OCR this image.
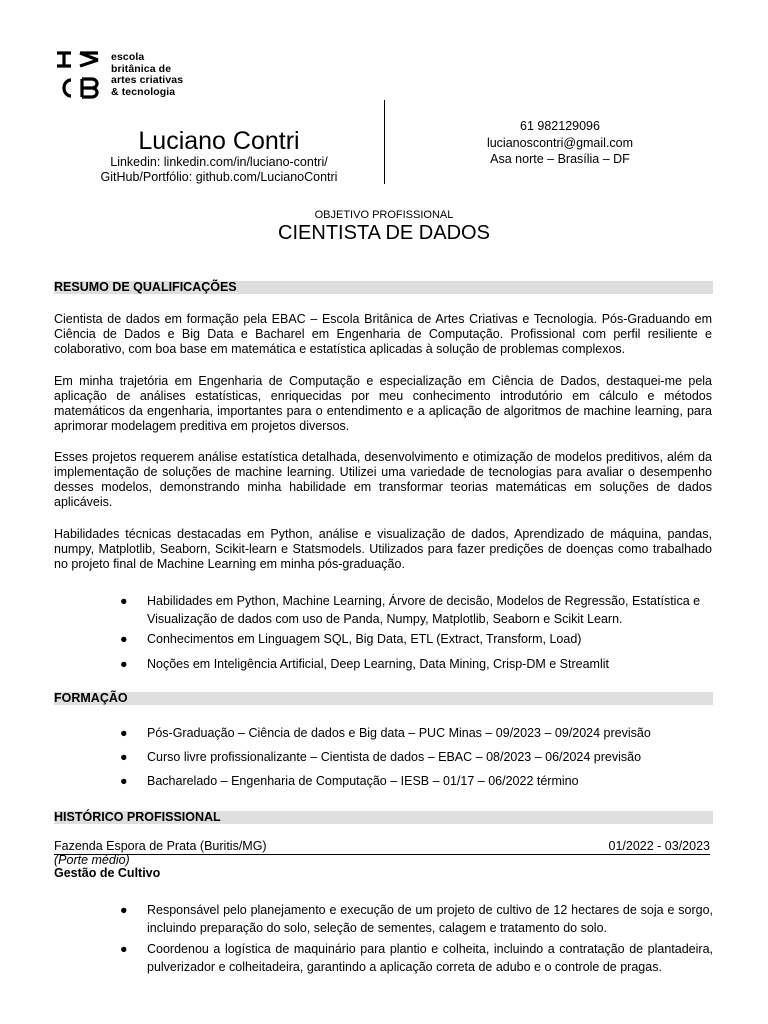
escola
britânica de
artes criativas
& tecnologia
Luciano Contri
Linkedin: linkedin.com/in/luciano-contri/
GitHub/Portfólio: github.com/LucianoContri
61 982129096
lucianoscontri@gmail.com
Asa norte – Brasília – DF
OBJETIVO PROFISSIONAL
CIENTISTA DE DADOS
RESUMO DE QUALIFICAÇÕES
Cientista de dados em formação pela EBAC – Escola Britânica de Artes Criativas e Tecnologia. Pós-Graduando em Ciência de Dados e Big Data e Bacharel em Engenharia de Computação. Profissional com perfil resiliente e colaborativo, com boa base em matemática e estatística aplicadas à solução de problemas complexos.
Em minha trajetória em Engenharia de Computação e especialização em Ciência de Dados, destaquei-me pela aplicação de análises estatísticas, enriquecidas por meu conhecimento introdutório em cálculo e métodos matemáticos da engenharia, importantes para o entendimento e a aplicação de algoritmos de machine learning, para aprimorar modelagem preditiva em projetos diversos.
Esses projetos requerem análise estatística detalhada, desenvolvimento e otimização de modelos preditivos, além da implementação de soluções de machine learning. Utilizei uma variedade de tecnologias para avaliar o desempenho desses modelos, demonstrando minha habilidade em transformar teorias matemáticas em soluções de dados aplicáveis.
Habilidades técnicas destacadas em Python, análise e visualização de dados, Aprendizado de máquina, pandas, numpy, Matplotlib, Seaborn, Scikit-learn e Statsmodels. Utilizados para fazer predições de doenças como trabalhado no projeto final de Machine Learning em minha pós-graduação.
● Habilidades em Python, Machine Learning, Árvore de decisão, Modelos de Regressão, Estatística e Visualização de dados com uso de Panda, Numpy, Matplotlib, Seaborn e Scikit Learn.
● Conhecimentos em Linguagem SQL, Big Data, ETL (Extract, Transform, Load)
● Noções em Inteligência Artificial, Deep Learning, Data Mining, Crisp-DM e Streamlit
FORMAÇÃO
● Pós-Graduação – Ciência de dados e Big data – PUC Minas – 09/2023 – 09/2024 previsão
● Curso livre profissionalizante – Cientista de dados – EBAC – 08/2023 – 06/2024 previsão
● Bacharelado – Engenharia de Computação – IESB – 01/17 – 06/2022 término
HISTÓRICO PROFISSIONAL
Fazenda Espora de Prata (Buritis/MG)	01/2022 - 03/2023
(Porte médio)
Gestão de Cultivo
● Responsável pelo planejamento e execução de um projeto de cultivo de 12 hectares de soja e sorgo, incluindo preparação do solo, seleção de sementes, calagem e tratamento do solo.
● Coordenou a logística de maquinário para plantio e colheita, incluindo a contratação de plantadeira, pulverizador e colheitadeira, garantindo a aplicação correta de adubo e o controle de pragas.
